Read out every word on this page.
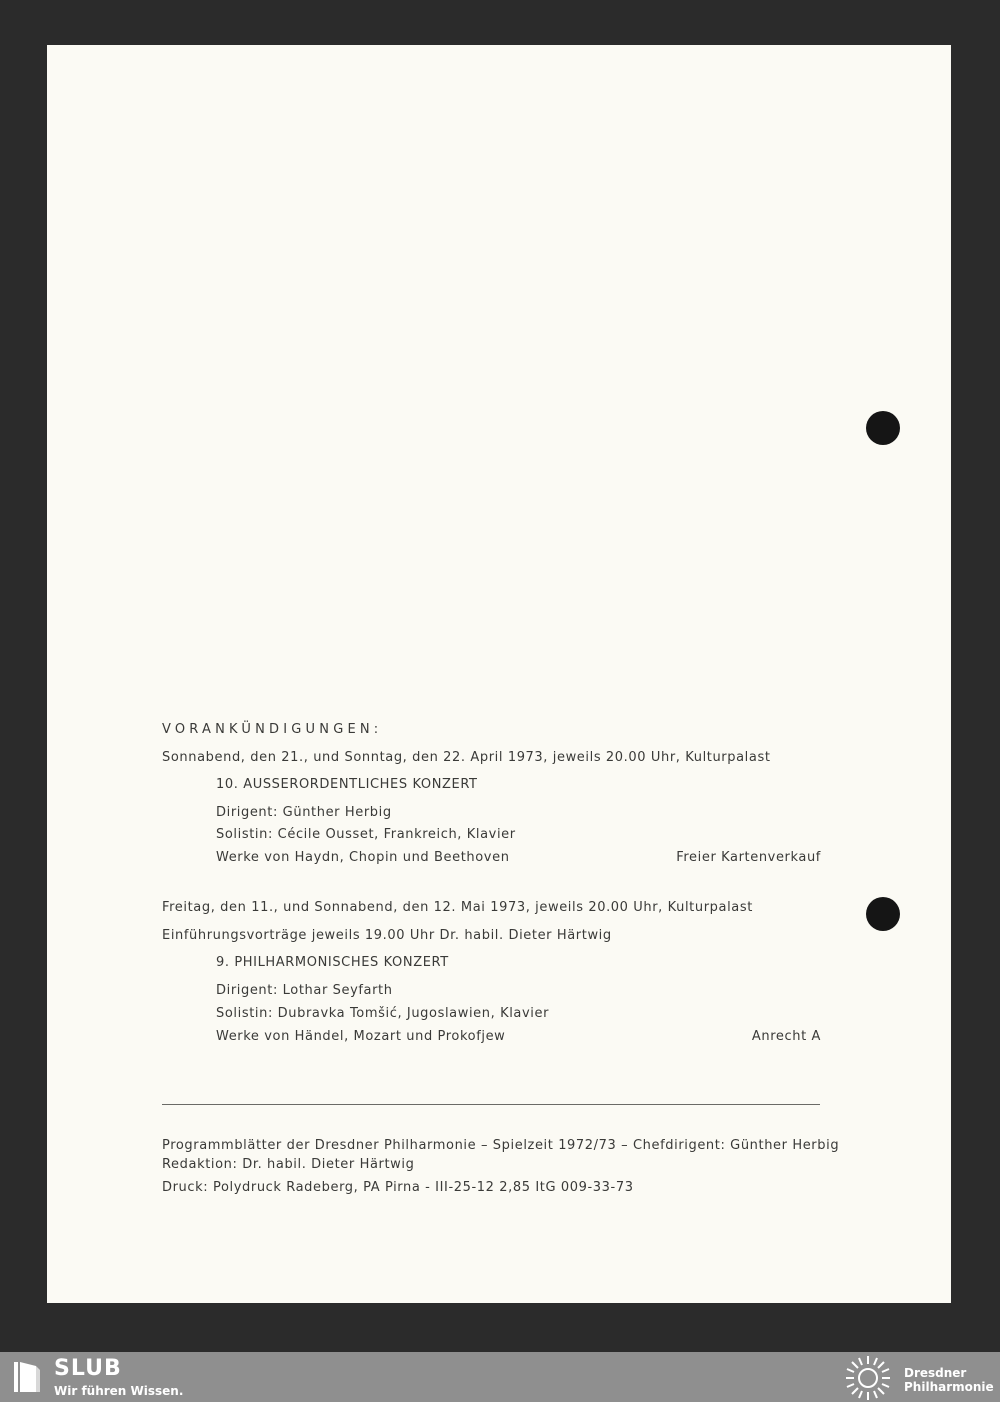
VORANKÜNDIGUNGEN:
Sonnabend, den 21., und Sonntag, den 22. April 1973, jeweils 20.00 Uhr, Kulturpalast
10. AUSSERORDENTLICHES KONZERT
Dirigent: Günther Herbig
Solistin: Cécile Ousset, Frankreich, Klavier
Werke von Haydn, Chopin und Beethoven	Freier Kartenverkauf
Freitag, den 11., und Sonnabend, den 12. Mai 1973, jeweils 20.00 Uhr, Kulturpalast
Einführungsvorträge jeweils 19.00 Uhr Dr. habil. Dieter Härtwig
9. PHILHARMONISCHES KONZERT
Dirigent: Lothar Seyfarth
Solistin: Dubravka Tomšić, Jugoslawien, Klavier
Werke von Händel, Mozart und Prokofjew	Anrecht A
Programmblätter der Dresdner Philharmonie – Spielzeit 1972/73 – Chefdirigent: Günther Herbig
Redaktion: Dr. habil. Dieter Härtwig
Druck: Polydruck Radeberg, PA Pirna - III-25-12 2,85 ItG 009-33-73
SLUB
Wir führen Wissen.
Dresdner
Philharmonie
